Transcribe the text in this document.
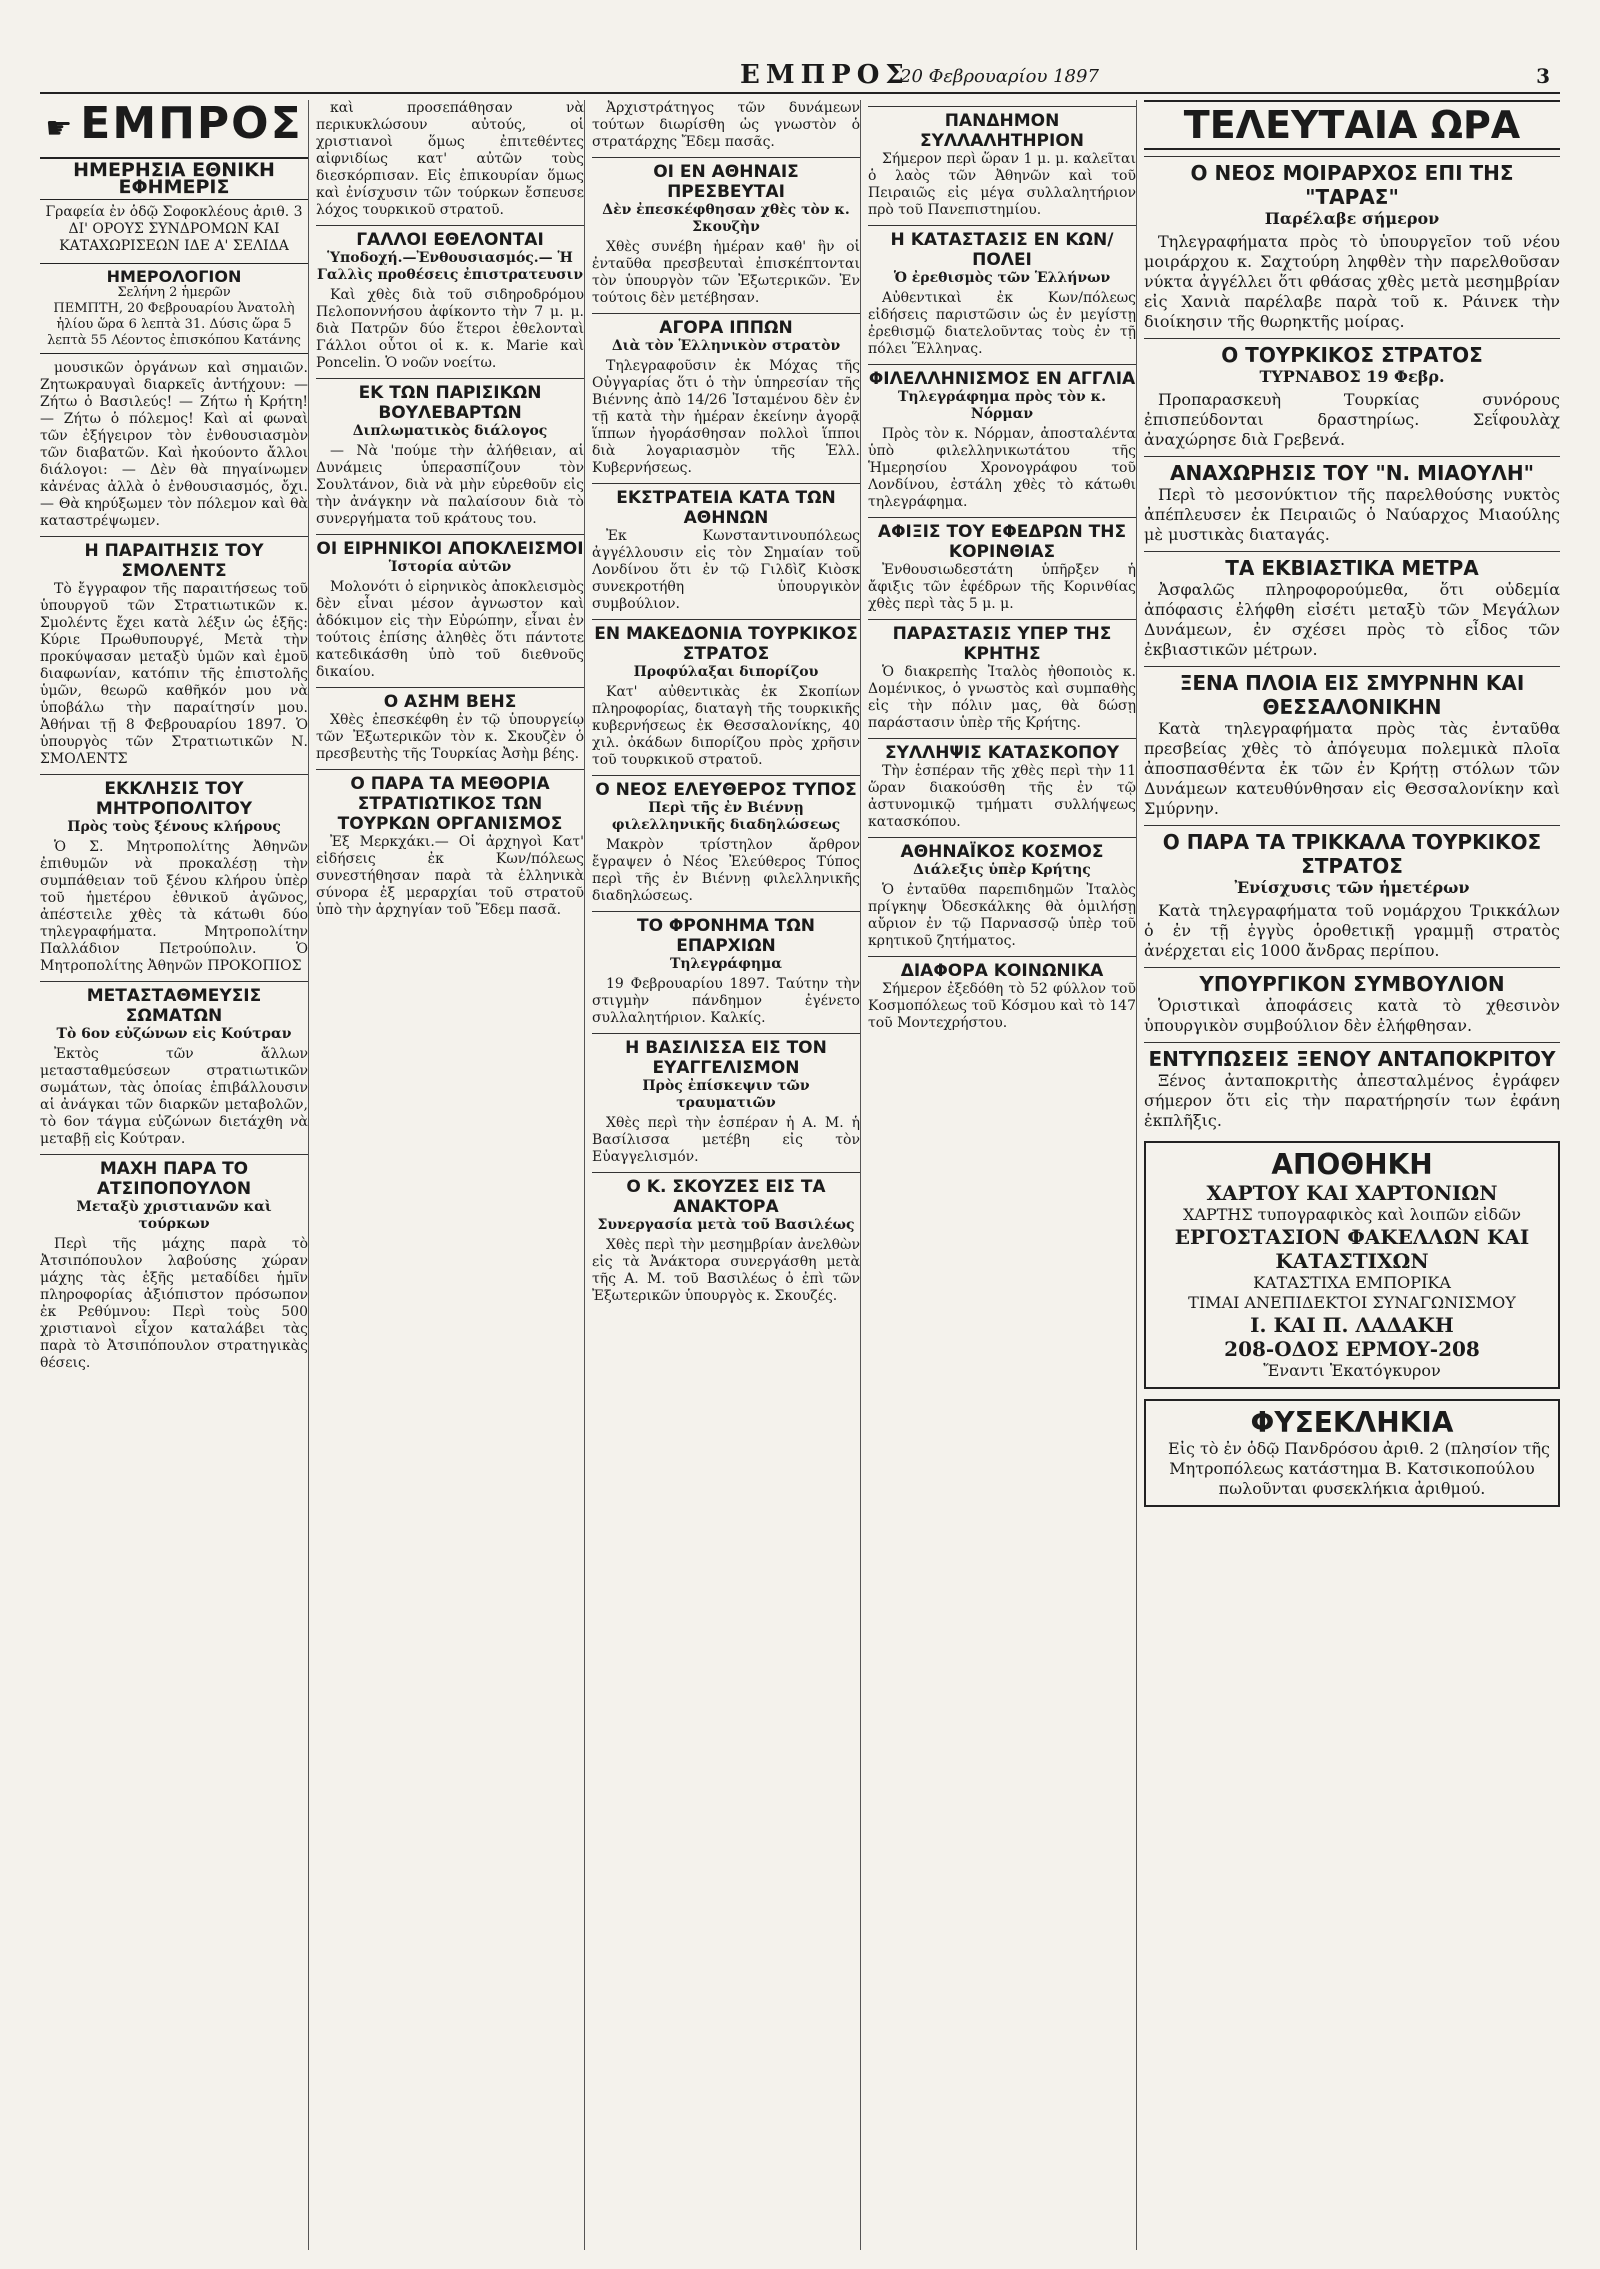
ΕΜΠΡΟΣ
20 Φεβρουαρίου 1897	3
☛ ΕΜΠΡΟΣ
ΗΜΕΡΗΣΙΑ ΕΘΝΙΚΗ ΕΦΗΜΕΡΙΣ
Γραφεία ἐν ὁδῷ Σοφοκλέους ἀριθ. 3
ΔΙ' ΟΡΟΥΣ ΣΥΝΔΡΟΜΩΝ ΚΑΙ ΚΑΤΑΧΩΡΙΣΕΩΝ ΙΔΕ Α' ΣΕΛΙΔΑ
ΗΜΕΡΟΛΟΓΙΟΝ
Σελήνη 2 ἡμερῶν
ΠΕΜΠΤΗ, 20 Φεβρουαρίου Ἀνατολὴ ἡλίου ὥρα 6 λεπτὰ 31. Δύσις ὥρα 5 λεπτὰ 55 Λέοντος ἐπισκόπου Κατάνης

μουσικῶν ὀργάνων καὶ σημαιῶν. Ζητωκραυγαὶ διαρκεῖς ἀντήχουν: — Ζήτω ὁ Βασιλεύς! — Ζήτω ἡ Κρήτη! — Ζήτω ὁ πόλεμος! Καὶ αἱ φωναὶ τῶν ἐξήγειρον τὸν ἐνθουσιασμὸν τῶν διαβατῶν. Καὶ ἠκούοντο ἄλλοι διάλογοι: — Δὲν θὰ πηγαίνωμεν κἀνένας ἀλλὰ ὁ ἐνθουσιασμός, ὄχι. — Θὰ κηρύξωμεν τὸν πόλεμον καὶ θὰ καταστρέψωμεν.

Η ΠΑΡΑΙΤΗΣΙΣ ΤΟΥ ΣΜΟΛΕΝΤΣ

Τὸ ἔγγραφον τῆς παραιτήσεως τοῦ ὑπουργοῦ τῶν Στρατιωτικῶν κ. Σμολέντς ἔχει κατὰ λέξιν ὡς ἑξῆς: Κύριε Πρωθυπουργέ, Μετὰ τὴν προκύψασαν μεταξὺ ὑμῶν καὶ ἐμοῦ διαφωνίαν, κατόπιν τῆς ἐπιστολῆς ὑμῶν, θεωρῶ καθῆκόν μου νὰ ὑποβάλω τὴν παραίτησίν μου. Ἀθήναι τῇ 8 Φεβρουαρίου 1897. Ὁ ὑπουργὸς τῶν Στρατιωτικῶν Ν. ΣΜΟΛΕΝΤΣ

ΕΚΚΛΗΣΙΣ ΤΟΥ ΜΗΤΡΟΠΟΛΙΤΟΥ
Πρὸς τοὺς ξένους κλήρους

Ὁ Σ. Μητροπολίτης Ἀθηνῶν ἐπιθυμῶν νὰ προκαλέσῃ τὴν συμπάθειαν τοῦ ξένου κλήρου ὑπὲρ τοῦ ἡμετέρου ἐθνικοῦ ἀγῶνος, ἀπέστειλε χθὲς τὰ κάτωθι δύο τηλεγραφήματα. Μητροπολίτην Παλλάδιον Πετρούπολιν. Ὁ Μητροπολίτης Ἀθηνῶν ΠΡΟΚΟΠΙΟΣ

ΜΕΤΑΣΤΑΘΜΕΥΣΙΣ ΣΩΜΑΤΩΝ
Τὸ 6ον εὐζώνων εἰς Κούτραν

Ἐκτὸς τῶν ἄλλων μετασταθμεύσεων στρατιωτικῶν σωμάτων, τὰς ὁποίας ἐπιβάλλουσιν αἱ ἀνάγκαι τῶν διαρκῶν μεταβολῶν, τὸ 6ον τάγμα εὐζώνων διετάχθη νὰ μεταβῇ εἰς Κούτραν.

ΜΑΧΗ ΠΑΡΑ ΤΟ ΑΤΣΙΠΟΠΟΥΛΟΝ
Μεταξὺ χριστιανῶν καὶ τούρκων

Περὶ τῆς μάχης παρὰ τὸ Ἀτσιπόπουλον λαβούσης χώραν μάχης τὰς ἑξῆς μεταδίδει ἡμῖν πληροφορίας ἀξιόπιστον πρόσωπον ἐκ Ρεθύμνου: Περὶ τοὺς 500 χριστιανοὶ εἶχον καταλάβει τὰς παρὰ τὸ Ἀτσιπόπουλον στρατηγικὰς θέσεις.

καὶ προσεπάθησαν νὰ περικυκλώσουν αὐτούς, οἱ χριστιανοὶ ὅμως ἐπιτεθέντες αἰφνιδίως κατ' αὐτῶν τοὺς διεσκόρπισαν. Εἰς ἐπικουρίαν ὅμως καὶ ἐνίσχυσιν τῶν τούρκων ἔσπευσε λόχος τουρκικοῦ στρατοῦ.

ΓΑΛΛΟΙ ΕΘΕΛΟΝΤΑΙ
Ὑποδοχή.—Ἐνθουσιασμός.— Ἡ Γαλλὶς προθέσεις ἐπιστρατευσιν

Καὶ χθὲς διὰ τοῦ σιδηροδρόμου Πελοποννήσου ἀφίκοντο τὴν 7 μ. μ. διὰ Πατρῶν δύο ἕτεροι ἐθελονταὶ Γάλλοι οὗτοι οἱ κ. κ. Marie καὶ Poncelin. Ὁ νοῶν νοείτω.

ΕΚ ΤΩΝ ΠΑΡΙΣΙΚΩΝ ΒΟΥΛΕΒΑΡΤΩΝ
Διπλωματικὸς διάλογος

— Νὰ 'πούμε τὴν ἀλήθειαν, αἱ Δυνάμεις ὑπερασπίζουν τὸν Σουλτάνον, διὰ νὰ μὴν εὑρεθοῦν εἰς τὴν ἀνάγκην νὰ παλαίσουν διὰ τὸ συνεργήματα τοῦ κράτους του.

ΟΙ ΕΙΡΗΝΙΚΟΙ ΑΠΟΚΛΕΙΣΜΟΙ
Ἱστορία αὐτῶν

Μολονότι ὁ εἰρηνικὸς ἀποκλεισμὸς δὲν εἶναι μέσον ἀγνωστον καὶ ἀδόκιμον εἰς τὴν Εὐρώπην, εἶναι ἐν τούτοις ἐπίσης ἀληθὲς ὅτι πάντοτε κατεδικάσθη ὑπὸ τοῦ διεθνοῦς δικαίου.

Ο ΑΣΗΜ ΒΕΗΣ

Χθὲς ἐπεσκέφθη ἐν τῷ ὑπουργείῳ τῶν Ἐξωτερικῶν τὸν κ. Σκουζὲν ὁ πρεσβευτὴς τῆς Τουρκίας Ἀσὴμ βέης.

Ο ΠΑΡΑ ΤΑ ΜΕΘΟΡΙΑ ΣΤΡΑΤΙΩΤΙΚΟΣ ΤΩΝ ΤΟΥΡΚΩΝ ΟΡΓΑΝΙΣΜΟΣ

Ἐξ Μερκχάκι.— Οἱ ἀρχηγοὶ Κατ' εἰδήσεις ἐκ Κων/πόλεως συνεστήθησαν παρὰ τὰ ἑλληνικὰ σύνορα ἐξ μεραρχίαι τοῦ στρατοῦ ὑπὸ τὴν ἀρχηγίαν τοῦ Ἔδεμ πασᾶ.

Ἀρχιστράτηγος τῶν δυνάμεων τούτων διωρίσθη ὡς γνωστὸν ὁ στρατάρχης Ἔδεμ πασᾶς.

ΟΙ ΕΝ ΑΘΗΝΑΙΣ ΠΡΕΣΒΕΥΤΑΙ
Δὲν ἐπεσκέφθησαν χθὲς τὸν κ. Σκουζὴν

Χθὲς συνέβη ἡμέραν καθ' ἣν οἱ ἐνταῦθα πρεσβευταὶ ἐπισκέπτονται τὸν ὑπουργὸν τῶν Ἐξωτερικῶν. Ἐν τούτοις δὲν μετέβησαν.

ΑΓΟΡΑ ΙΠΠΩΝ
Διὰ τὸν Ἑλληνικὸν στρατὸν

Τηλεγραφοῦσιν ἐκ Μόχας τῆς Οὐγγαρίας ὅτι ὁ τὴν ὑπηρεσίαν τῆς Βιέννης ἀπὸ 14/26 Ἰσταμένου δὲν ἐν τῇ κατὰ τὴν ἡμέραν ἐκείνην ἀγορᾷ ἵππων ἠγοράσθησαν πολλοὶ ἵπποι διὰ λογαριασμὸν τῆς Ἑλλ. Κυβερνήσεως.

ΕΚΣΤΡΑΤΕΙΑ ΚΑΤΑ ΤΩΝ ΑΘΗΝΩΝ

Ἐκ Κωνσταντινουπόλεως ἀγγέλλουσιν εἰς τὸν Σημαίαν τοῦ Λονδίνου ὅτι ἐν τῷ Γιλδὶζ Κιὸσκ συνεκροτήθη ὑπουργικὸν συμβούλιον.

ΕΝ ΜΑΚΕΔΟΝΙΑ ΤΟΥΡΚΙΚΟΣ ΣΤΡΑΤΟΣ
Προφύλαξαι διπορίζου

Κατ' αὐθεντικὰς ἐκ Σκοπίων πληροφορίας, διαταγὴ τῆς τουρκικῆς κυβερνήσεως ἐκ Θεσσαλονίκης, 40 χιλ. ὀκάδων διπορίζου πρὸς χρῆσιν τοῦ τουρκικοῦ στρατοῦ.

Ο ΝΕΟΣ ΕΛΕΥΘΕΡΟΣ ΤΥΠΟΣ
Περὶ τῆς ἐν Βιέννῃ φιλελληνικῆς διαδηλώσεως

Μακρὸν τρίστηλον ἄρθρον ἔγραψεν ὁ Νέος Ἐλεύθερος Τύπος περὶ τῆς ἐν Βιέννῃ φιλελληνικῆς διαδηλώσεως.

ΤΟ ΦΡΟΝΗΜΑ ΤΩΝ ΕΠΑΡΧΙΩΝ
Τηλεγράφημα

19 Φεβρουαρίου 1897. Ταύτην τὴν στιγμὴν πάνδημον ἐγένετο συλλαλητήριον. Καλκίς.

Η ΒΑΣΙΛΙΣΣΑ ΕΙΣ ΤΟΝ ΕΥΑΓΓΕΛΙΣΜΟΝ
Πρὸς ἐπίσκεψιν τῶν τραυματιῶν

Χθὲς περὶ τὴν ἑσπέραν ἡ Α. Μ. ἡ Βασίλισσα μετέβη εἰς τὸν Εὐαγγελισμόν.

Ο Κ. ΣΚΟΥΖΕΣ ΕΙΣ ΤΑ ΑΝΑΚΤΟΡΑ
Συνεργασία μετὰ τοῦ Βασιλέως

Χθὲς περὶ τὴν μεσημβρίαν ἀνελθὼν εἰς τὰ Ἀνάκτορα συνεργάσθη μετὰ τῆς Α. Μ. τοῦ Βασιλέως ὁ ἐπὶ τῶν Ἐξωτερικῶν ὑπουργὸς κ. Σκουζές.

ΠΑΝΔΗΜΟΝ ΣΥΛΛΑΛΗΤΗΡΙΟΝ

Σήμερον περὶ ὥραν 1 μ. μ. καλεῖται ὁ λαὸς τῶν Ἀθηνῶν καὶ τοῦ Πειραιῶς εἰς μέγα συλλαλητήριον πρὸ τοῦ Πανεπιστημίου.

Η ΚΑΤΑΣΤΑΣΙΣ ΕΝ ΚΩΝ/ΠΟΛΕΙ
Ὁ ἐρεθισμὸς τῶν Ἑλλήνων

Αὐθεντικαὶ ἐκ Κων/πόλεως εἰδήσεις παριστῶσιν ὡς ἐν μεγίστῃ ἐρεθισμῷ διατελοῦντας τοὺς ἐν τῇ πόλει Ἕλληνας.

ΦΙΛΕΛΛΗΝΙΣΜΟΣ ΕΝ ΑΓΓΛΙΑ
Τηλεγράφημα πρὸς τὸν κ. Νόρμαν

Πρὸς τὸν κ. Νόρμαν, ἀποσταλέντα ὑπὸ φιλελληνικωτάτου τῆς Ἡμερησίου Χρονογράφου τοῦ Λονδίνου, ἐστάλη χθὲς τὸ κάτωθι τηλεγράφημα.

ΑΦΙΞΙΣ ΤΟΥ ΕΦΕΔΡΩΝ ΤΗΣ ΚΟΡΙΝΘΙΑΣ

Ἐνθουσιωδεστάτη ὑπῆρξεν ἡ ἄφιξις τῶν ἐφέδρων τῆς Κορινθίας χθὲς περὶ τὰς 5 μ. μ.

ΠΑΡΑΣΤΑΣΙΣ ΥΠΕΡ ΤΗΣ ΚΡΗΤΗΣ

Ὁ διακρεπὴς Ἰταλὸς ἠθοποιὸς κ. Δομένικος, ὁ γνωστὸς καὶ συμπαθὴς εἰς τὴν πόλιν μας, θὰ δώσῃ παράστασιν ὑπὲρ τῆς Κρήτης.

ΣΥΛΛΗΨΙΣ ΚΑΤΑΣΚΟΠΟΥ

Τὴν ἑσπέραν τῆς χθὲς περὶ τὴν 11 ὥραν διακούσθη τῆς ἐν τῷ ἀστυνομικῷ τμήματι συλλήψεως κατασκόπου.

ΑΘΗΝΑΪΚΟΣ ΚΟΣΜΟΣ
Διάλεξις ὑπὲρ Κρήτης

Ὁ ἐνταῦθα παρεπιδημῶν Ἰταλὸς πρίγκηψ Ὀδεσκάλκης θὰ ὁμιλήσῃ αὔριον ἐν τῷ Παρνασσῷ ὑπὲρ τοῦ κρητικοῦ ζητήματος.

ΔΙΑΦΟΡΑ ΚΟΙΝΩΝΙΚΑ

Σήμερον ἐξεδόθη τὸ 52 φύλλον τοῦ Κοσμοπόλεως τοῦ Κόσμου καὶ τὸ 147 τοῦ Μοντεχρήστου.

ΤΕΛΕΥΤΑΙΑ ΩΡΑ
Ο ΝΕΟΣ ΜΟΙΡΑΡΧΟΣ ΕΠΙ ΤΗΣ "ΤΑΡΑΣ"
Παρέλαβε σήμερον

Τηλεγραφήματα πρὸς τὸ ὑπουργεῖον τοῦ νέου μοιράρχου κ. Σαχτούρη ληφθὲν τὴν παρελθοῦσαν νύκτα ἀγγέλλει ὅτι φθάσας χθὲς μετὰ μεσημβρίαν εἰς Χανιὰ παρέλαβε παρὰ τοῦ κ. Ράινεκ τὴν διοίκησιν τῆς θωρηκτῆς μοίρας.

Ο ΤΟΥΡΚΙΚΟΣ ΣΤΡΑΤΟΣ
ΤΥΡΝΑΒΟΣ 19 Φεβρ.

Προπαρασκευὴ Τουρκίας συνόρους ἐπισπεύδονται δραστηρίως. Σεΐφουλὰχ ἀναχώρησε διὰ Γρεβενά.

ΑΝΑΧΩΡΗΣΙΣ ΤΟΥ "Ν. ΜΙΑΟΥΛΗ"

Περὶ τὸ μεσονύκτιον τῆς παρελθούσης νυκτὸς ἀπέπλευσεν ἐκ Πειραιῶς ὁ Ναύαρχος Μιαούλης μὲ μυστικὰς διαταγάς.

ΤΑ ΕΚΒΙΑΣΤΙΚΑ ΜΕΤΡΑ

Ἀσφαλῶς πληροφορούμεθα, ὅτι οὐδεμία ἀπόφασις ἐλήφθη εἰσέτι μεταξὺ τῶν Μεγάλων Δυνάμεων, ἐν σχέσει πρὸς τὸ εἶδος τῶν ἐκβιαστικῶν μέτρων.

ΞΕΝΑ ΠΛΟΙΑ ΕΙΣ ΣΜΥΡΝΗΝ ΚΑΙ ΘΕΣΣΑΛΟΝΙΚΗΝ

Κατὰ τηλεγραφήματα πρὸς τὰς ἐνταῦθα πρεσβείας χθὲς τὸ ἀπόγευμα πολεμικὰ πλοῖα ἀποσπασθέντα ἐκ τῶν ἐν Κρήτῃ στόλων τῶν Δυνάμεων κατευθύνθησαν εἰς Θεσσαλονίκην καὶ Σμύρνην.

Ο ΠΑΡΑ ΤΑ ΤΡΙΚΚΑΛΑ ΤΟΥΡΚΙΚΟΣ ΣΤΡΑΤΟΣ
Ἐνίσχυσις τῶν ἡμετέρων

Κατὰ τηλεγραφήματα τοῦ νομάρχου Τρικκάλων ὁ ἐν τῇ ἐγγὺς ὁροθετικῇ γραμμῇ στρατὸς ἀνέρχεται εἰς 1000 ἄνδρας περίπου.

ΥΠΟΥΡΓΙΚΟΝ ΣΥΜΒΟΥΛΙΟΝ

Ὁριστικαὶ ἀποφάσεις κατὰ τὸ χθεσινὸν ὑπουργικὸν συμβούλιον δὲν ἐλήφθησαν.

ΕΝΤΥΠΩΣΕΙΣ ΞΕΝΟΥ ΑΝΤΑΠΟΚΡΙΤΟΥ

Ξένος ἀνταποκριτὴς ἀπεσταλμένος ἐγράφεν σήμερον ὅτι εἰς τὴν παρατήρησίν των ἐφάνη ἐκπλῆξις.

ΑΠΟΘΗΚΗ
ΧΑΡΤΟΥ ΚΑΙ ΧΑΡΤΟΝΙΩΝ
ΧΑΡΤΗΣ τυπογραφικὸς καὶ λοιπῶν εἰδῶν
ΕΡΓΟΣΤΑΣΙΟΝ ΦΑΚΕΛΛΩΝ ΚΑΙ ΚΑΤΑΣΤΙΧΩΝ
ΚΑΤΑΣΤΙΧΑ ΕΜΠΟΡΙΚΑ
ΤΙΜΑΙ ΑΝΕΠΙΔΕΚΤΟΙ ΣΥΝΑΓΩΝΙΣΜΟΥ
Ι. ΚΑΙ Π. ΛΑΔΑΚΗ
208-ΟΔΟΣ ΕΡΜΟΥ-208
Ἔναντι Ἑκατόγκυρον
ΦΥΣΕΚΛΗΚΙΑ

Εἰς τὸ ἐν ὁδῷ Πανδρόσου ἀριθ. 2 (πλησίον τῆς Μητροπόλεως κατάστημα Β. Κατσικοπούλου πωλοῦνται φυσεκλήκια ἀριθμού.
